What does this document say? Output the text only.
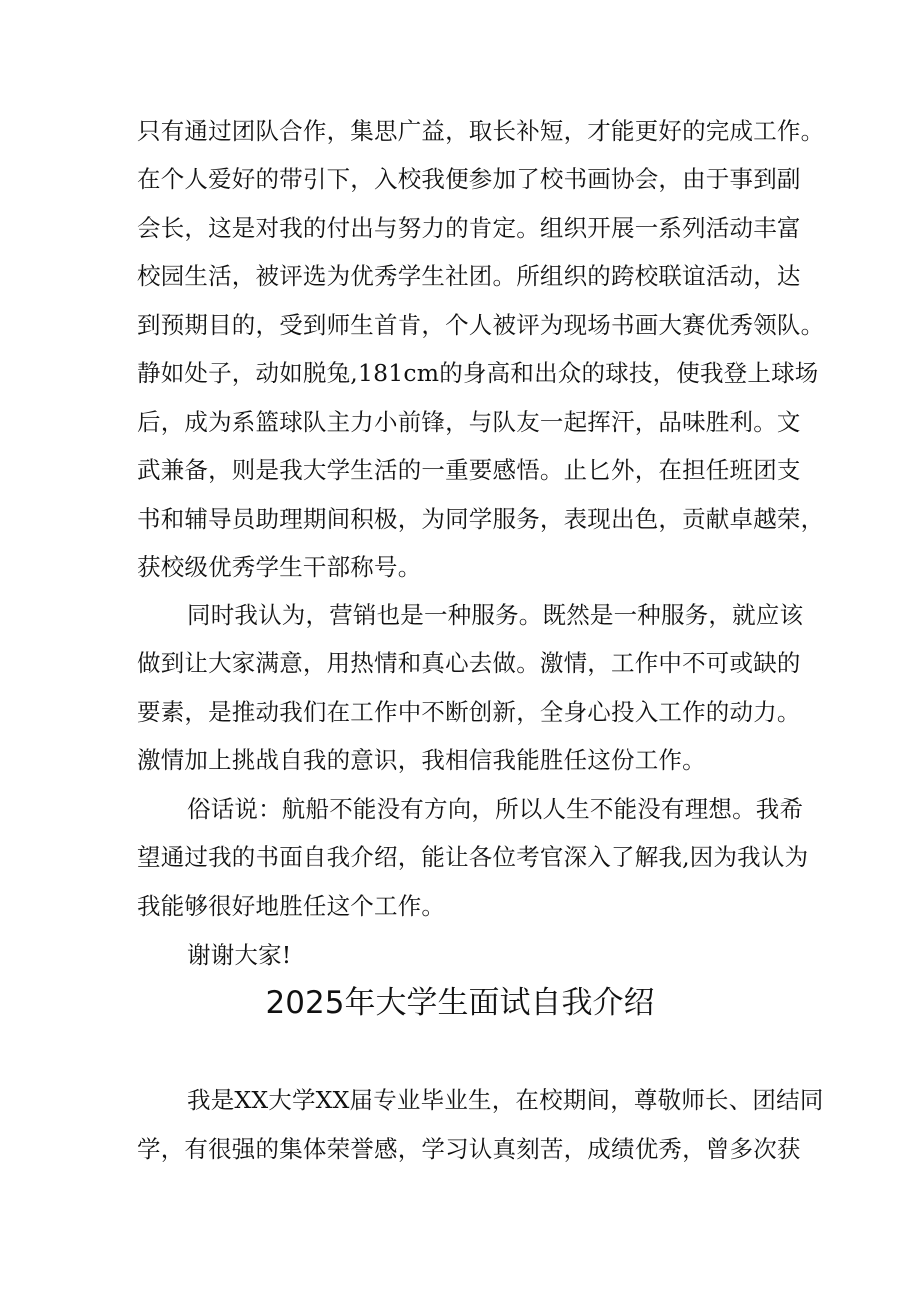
只有通过团队合作，集思广益，取长补短，才能更好的完成工作。
在个人爱好的带引下，入校我便参加了校书画协会，由于事到副
会长，这是对我的付出与努力的肯定。组织开展一系列活动丰富
校园生活，被评选为优秀学生社团。所组织的跨校联谊活动，达
到预期目的，受到师生首肯，个人被评为现场书画大赛优秀领队。
静如处子，动如脱兔,181cm的身高和出众的球技，使我登上球场
后，成为系篮球队主力小前锋，与队友一起挥汗，品味胜利。文
武兼备，则是我大学生活的一重要感悟。止匕外，在担任班团支
书和辅导员助理期间积极，为同学服务，表现出色，贡献卓越荣，
获校级优秀学生干部称号。
同时我认为，营销也是一种服务。既然是一种服务，就应该
做到让大家满意，用热情和真心去做。激情，工作中不可或缺的
要素，是推动我们在工作中不断创新，全身心投入工作的动力。
激情加上挑战自我的意识，我相信我能胜任这份工作。
俗话说：航船不能没有方向，所以人生不能没有理想。我希
望通过我的书面自我介绍，能让各位考官深入了解我,因为我认为
我能够很好地胜任这个工作。
谢谢大家!
2025年大学生面试自我介绍
我是XX大学XX届专业毕业生，在校期间，尊敬师长、团结同
学，有很强的集体荣誉感，学习认真刻苦，成绩优秀，曾多次获
